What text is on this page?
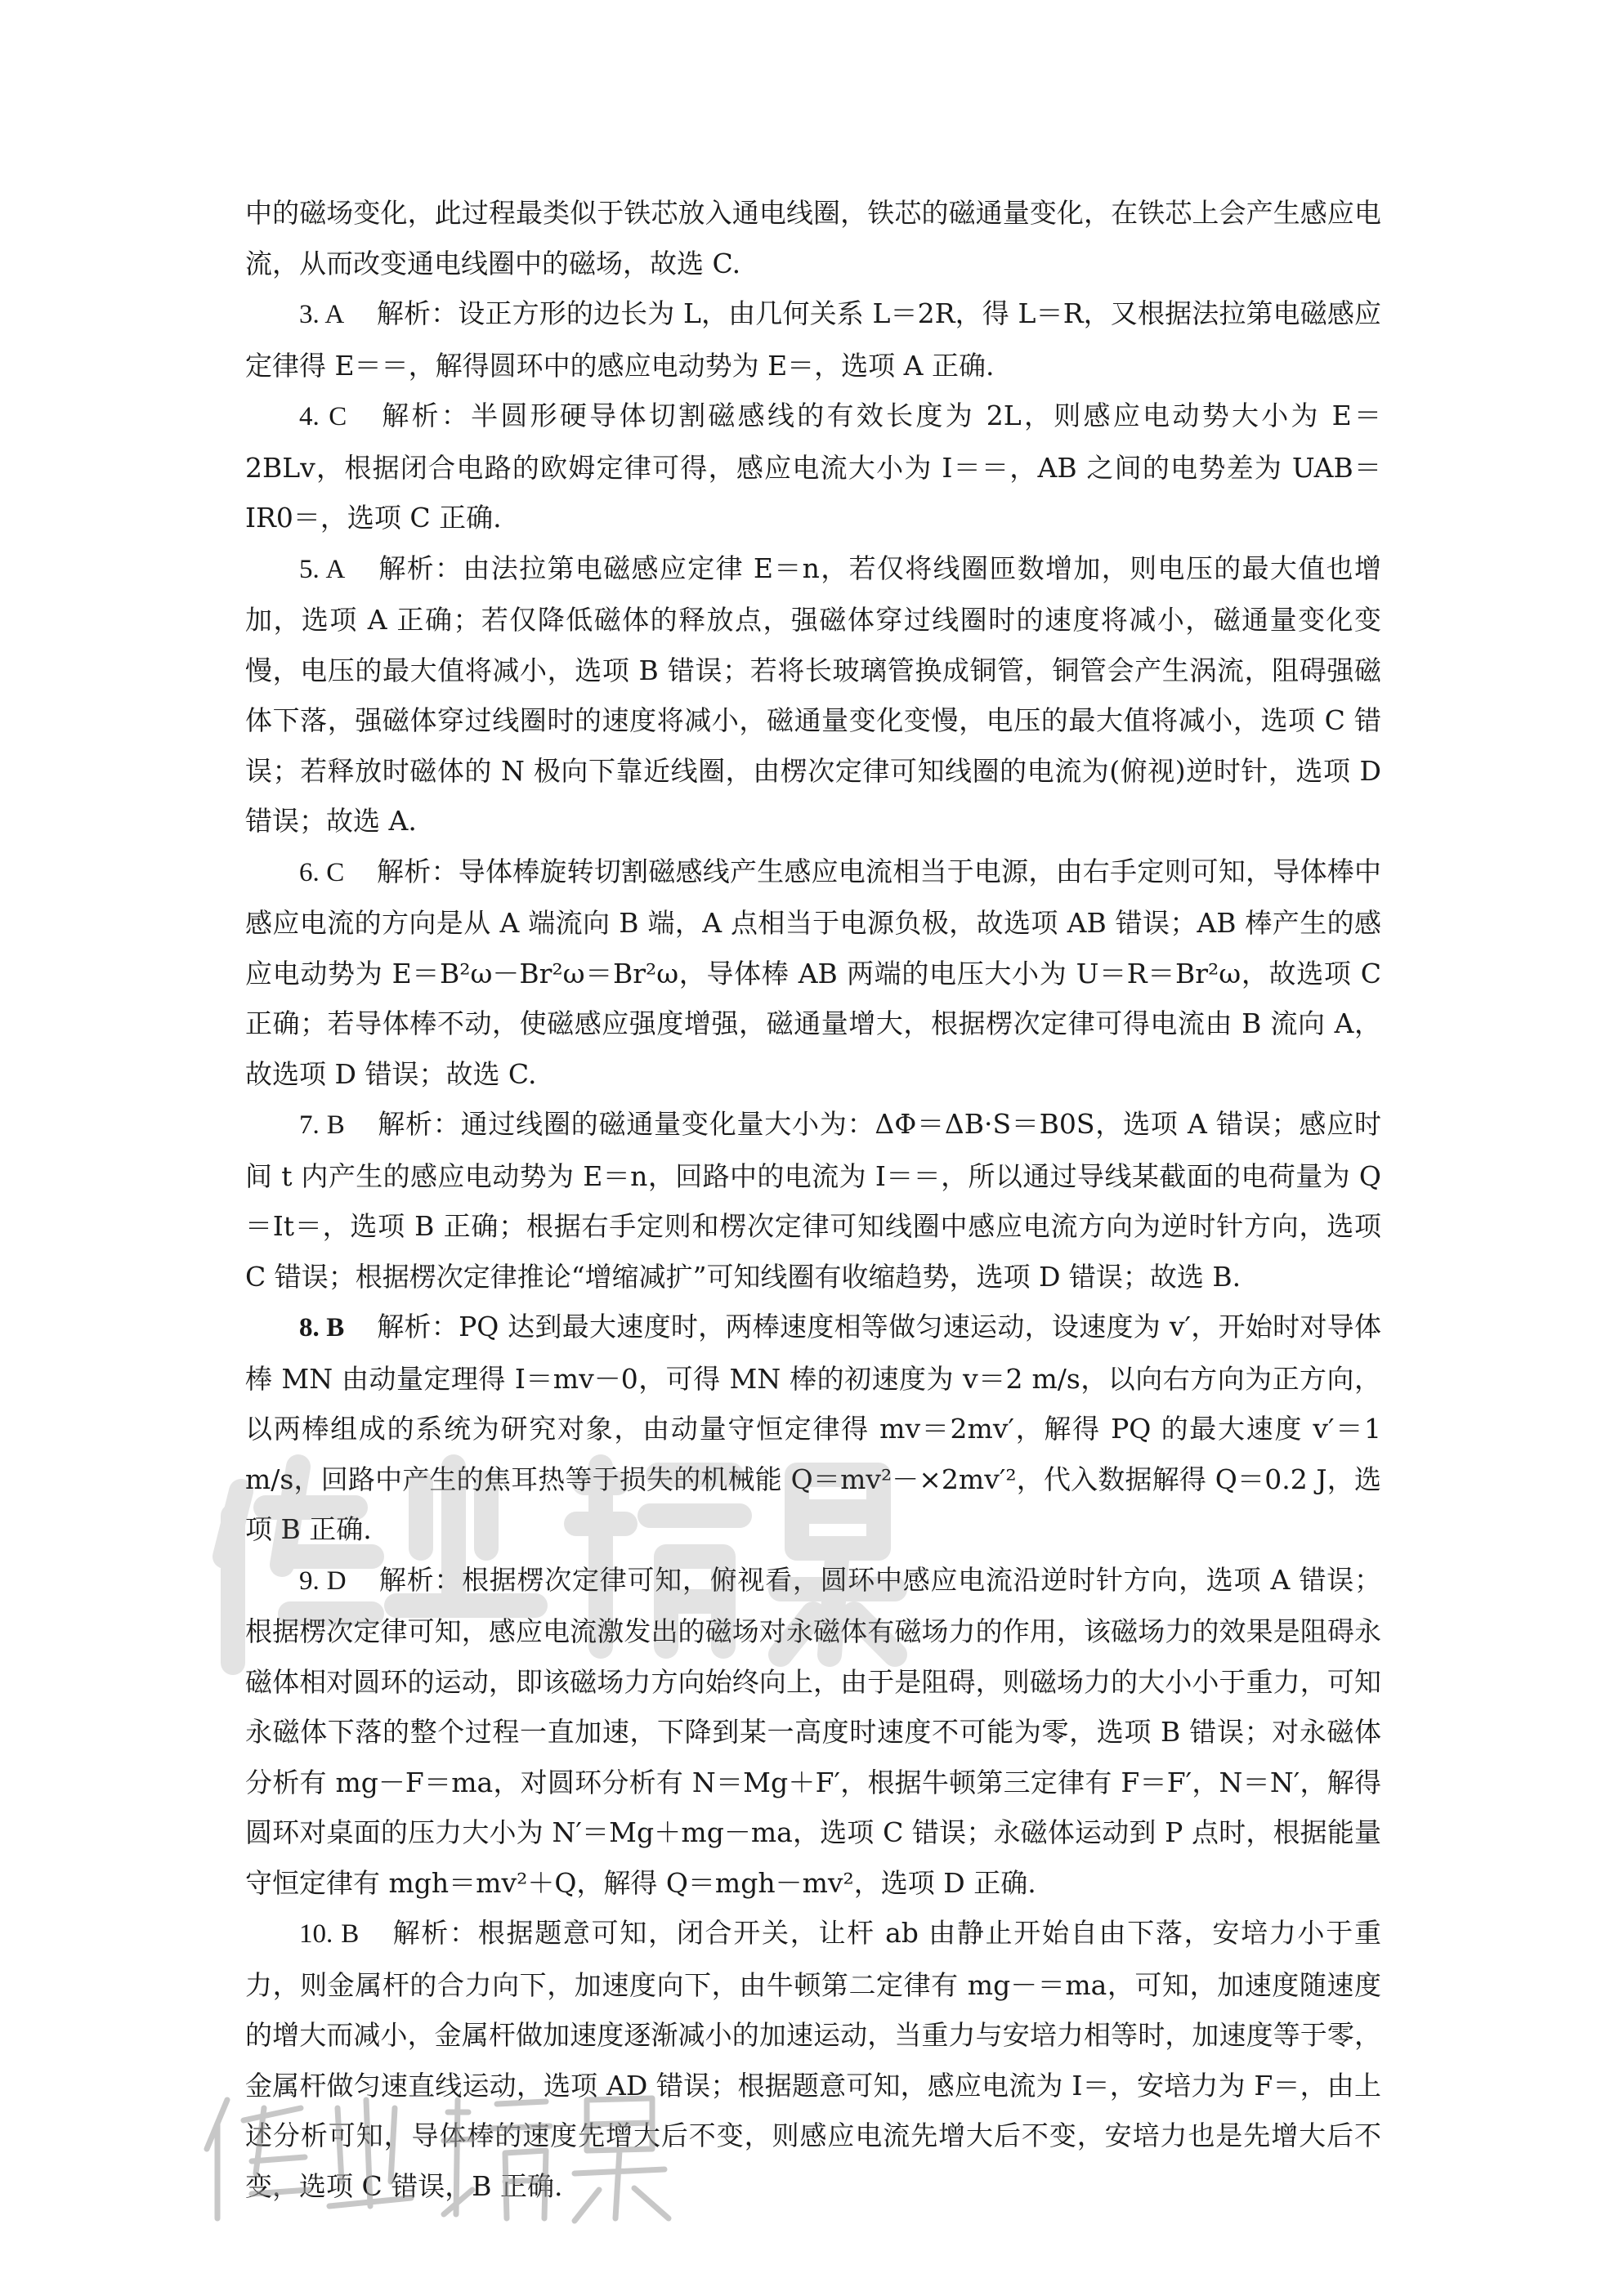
中的磁场变化，此过程最类似于铁芯放入通电线圈，铁芯的磁通量变化，在铁芯上会产生感应电流，从而改变通电线圈中的磁场，故选 C.

3. A 解析：设正方形的边长为 L，由几何关系 L＝2R，得 L＝R，又根据法拉第电磁感应定律得 E＝＝，解得圆环中的感应电动势为 E＝，选项 A 正确.

4. C 解析：半圆形硬导体切割磁感线的有效长度为 2L，则感应电动势大小为 E＝2BLv，根据闭合电路的欧姆定律可得，感应电流大小为 I＝＝，AB 之间的电势差为 UAB＝IR0＝，选项 C 正确.

5. A 解析：由法拉第电磁感应定律 E＝n，若仅将线圈匝数增加，则电压的最大值也增加，选项 A 正确；若仅降低磁体的释放点，强磁体穿过线圈时的速度将减小，磁通量变化变慢，电压的最大值将减小，选项 B 错误；若将长玻璃管换成铜管，铜管会产生涡流，阻碍强磁体下落，强磁体穿过线圈时的速度将减小，磁通量变化变慢，电压的最大值将减小，选项 C 错误；若释放时磁体的 N 极向下靠近线圈，由楞次定律可知线圈的电流为(俯视)逆时针，选项 D 错误；故选 A.

6. C 解析：导体棒旋转切割磁感线产生感应电流相当于电源，由右手定则可知，导体棒中感应电流的方向是从 A 端流向 B 端，A 点相当于电源负极，故选项 AB 错误；AB 棒产生的感应电动势为 E＝B²ω－Br²ω＝Br²ω，导体棒 AB 两端的电压大小为 U＝R＝Br²ω，故选项 C 正确；若导体棒不动，使磁感应强度增强，磁通量增大，根据楞次定律可得电流由 B 流向 A，故选项 D 错误；故选 C.

7. B 解析：通过线圈的磁通量变化量大小为：ΔΦ＝ΔB·S＝B0S，选项 A 错误；感应时间 t 内产生的感应电动势为 E＝n，回路中的电流为 I＝＝，所以通过导线某截面的电荷量为 Q＝It＝，选项 B 正确；根据右手定则和楞次定律可知线圈中感应电流方向为逆时针方向，选项 C 错误；根据楞次定律推论“增缩减扩”可知线圈有收缩趋势，选项 D 错误；故选 B.

8. B 解析：PQ 达到最大速度时，两棒速度相等做匀速运动，设速度为 v′，开始时对导体棒 MN 由动量定理得 I＝mv－0，可得 MN 棒的初速度为 v＝2 m/s，以向右方向为正方向，以两棒组成的系统为研究对象，由动量守恒定律得 mv＝2mv′，解得 PQ 的最大速度 v′＝1 m/s，回路中产生的焦耳热等于损失的机械能 Q＝mv²－×2mv′²，代入数据解得 Q＝0.2 J，选项 B 正确.

9. D 解析：根据楞次定律可知，俯视看，圆环中感应电流沿逆时针方向，选项 A 错误；根据楞次定律可知，感应电流激发出的磁场对永磁体有磁场力的作用，该磁场力的效果是阻碍永磁体相对圆环的运动，即该磁场力方向始终向上，由于是阻碍，则磁场力的大小小于重力，可知永磁体下落的整个过程一直加速，下降到某一高度时速度不可能为零，选项 B 错误；对永磁体分析有 mg－F＝ma，对圆环分析有 N＝Mg＋F′，根据牛顿第三定律有 F＝F′，N＝N′，解得圆环对桌面的压力大小为 N′＝Mg＋mg－ma，选项 C 错误；永磁体运动到 P 点时，根据能量守恒定律有 mgh＝mv²＋Q，解得 Q＝mgh－mv²，选项 D 正确.

10. B 解析：根据题意可知，闭合开关，让杆 ab 由静止开始自由下落，安培力小于重力，则金属杆的合力向下，加速度向下，由牛顿第二定律有 mg－＝ma，可知，加速度随速度的增大而减小，金属杆做加速度逐渐减小的加速运动，当重力与安培力相等时，加速度等于零，金属杆做匀速直线运动，选项 AD 错误；根据题意可知，感应电流为 I＝，安培力为 F＝，由上述分析可知，导体棒的速度先增大后不变，则感应电流先增大后不变，安培力也是先增大后不变，选项 C 错误，B 正确.
